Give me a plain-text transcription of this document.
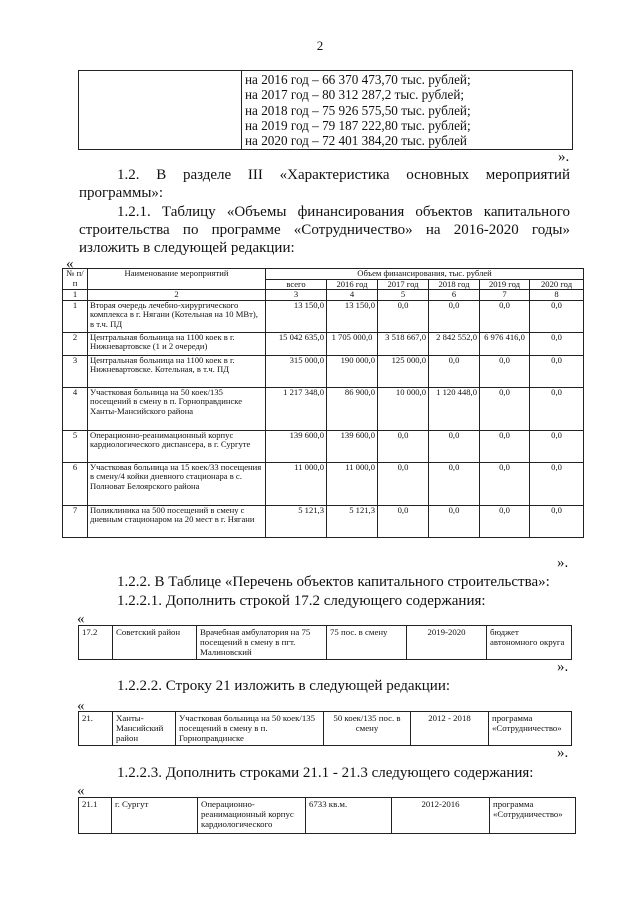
2

на 2016 год – 66 370 473,70 тыс. рублей;
на 2017 год – 80 312 287,2 тыс. рублей;
на 2018 год – 75 926 575,50 тыс. рублей;
на 2019 год – 79 187 222,80 тыс. рублей;
на 2020 год – 72 401 384,20 тыс. рублей
».
1.2. В разделе III «Характеристика основных мероприятий
программы»:
1.2.1. Таблицу «Объемы финансирования объектов капитального
строительства по программе «Сотрудничество» на 2016-2020 годы»
изложить в следующей редакции:
«
№ п/п	Наименование мероприятий	Объем финансирования, тыс. рублей					
		всего	2016 год	2017 год	2018 год	2019 год	2020 год
1	2	3	4	5	6	7	8
1	Вторая очередь лечебно-хирургического комплекса в г. Нягани (Котельная на 10 МВт), в т.ч. ПД	13 150,0	13 150,0	0,0	0,0	0,0	0,0
2	Центральная больница на 1100 коек в г. Нижневартовске (1 и 2 очереди)	15 042 635,0	1 705 000,0	3 518 667,0	2 842 552,0	6 976 416,0	0,0
3	Центральная больница на 1100 коек в г. Нижневартовске. Котельная, в т.ч. ПД	315 000,0	190 000,0	125 000,0	0,0	0,0	0,0
4	Участковая больница на 50 коек/135 посещений в смену в п. Горноправдинске Ханты-Мансийского района	1 217 348,0	86 900,0	10 000,0	1 120 448,0	0,0	0,0
5	Операционно-реанимационный корпус кардиологического диспансера, в г. Сургуте	139 600,0	139 600,0	0,0	0,0	0,0	0,0
6	Участковая больница на 15 коек/33 посещения в смену/4 койки дневного стационара в с. Полноват Белоярского района	11 000,0	11 000,0	0,0	0,0	0,0	0,0
7	Поликлиника на 500 посещений в смену с дневным стационаром на 20 мест в г. Нягани	5 121,3	5 121,3	0,0	0,0	0,0	0,0
».
1.2.2. В Таблице «Перечень объектов капитального строительства»:
1.2.2.1. Дополнить строкой 17.2 следующего содержания:
«
17.2	Советский район	Врачебная амбулатория на 75 посещений в смену в пгт. Малиновский	75 пос. в смену	2019-2020	бюджет автономного округа
».
1.2.2.2. Строку 21 изложить в следующей редакции:
«
21.	Ханты-Мансийский район	Участковая больница на 50 коек/135 посещений в смену в п. Горноправдинске	50 коек/135 пос. в смену	2012 - 2018	программа «Сотрудничество»
».
1.2.2.3. Дополнить строками 21.1 - 21.3 следующего содержания:
«
21.1	г. Сургут	Операционно-реанимационный корпус кардиологического	6733 кв.м.	2012-2016	программа «Сотрудничество»
